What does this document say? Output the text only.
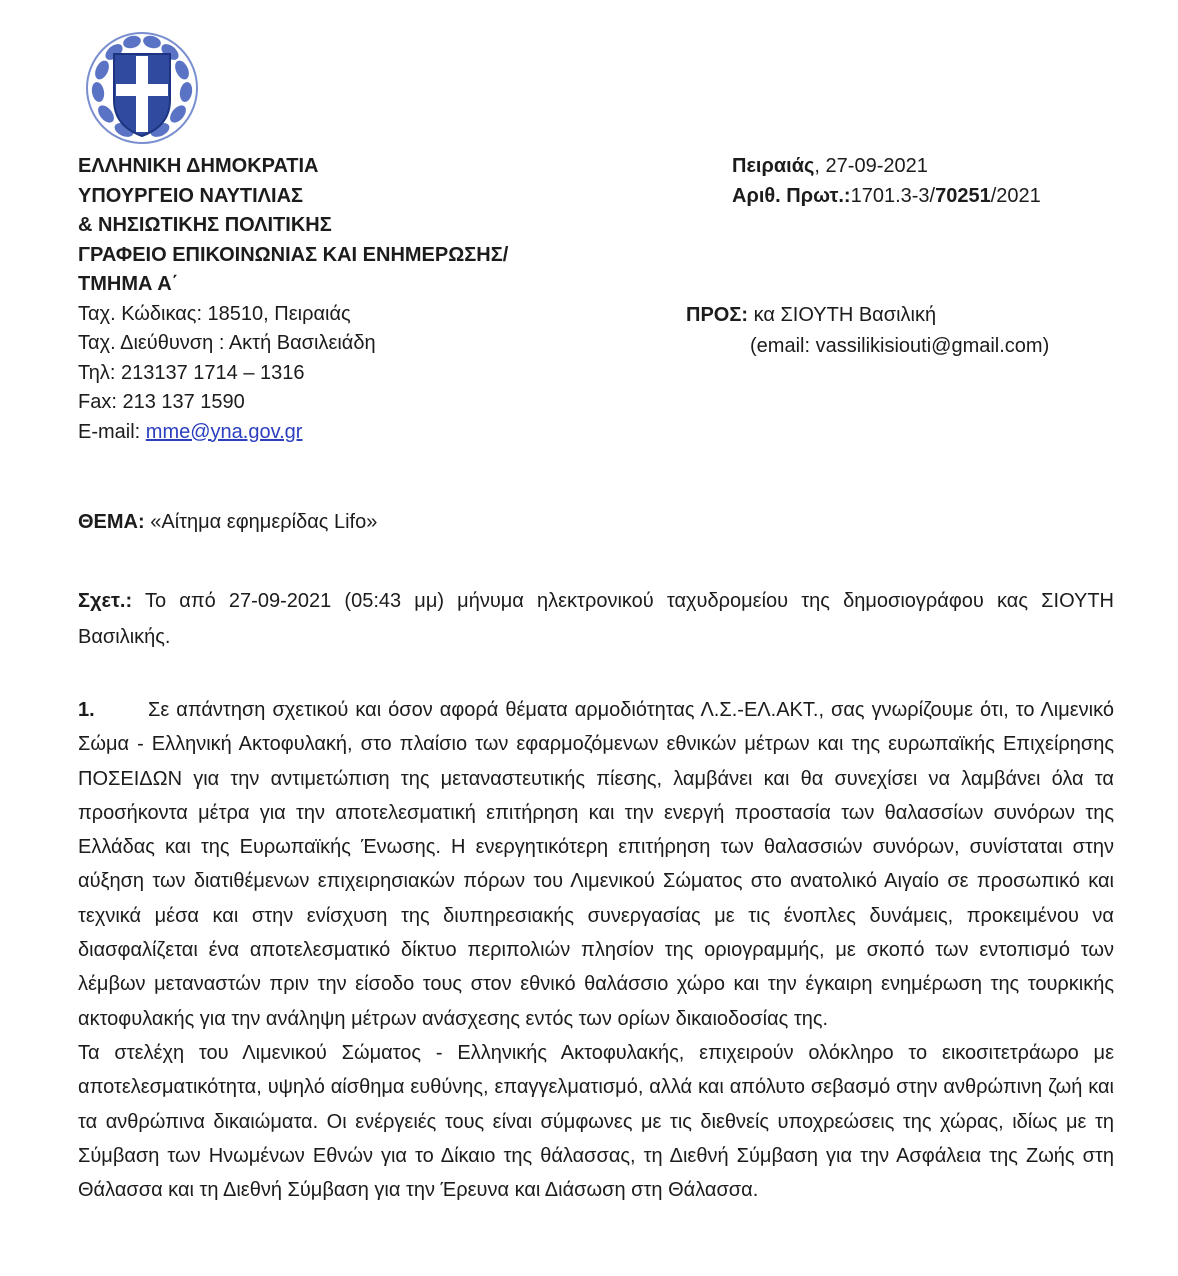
ΕΛΛΗΝΙΚΗ ΔΗΜΟΚΡΑΤΙΑ
ΥΠΟΥΡΓΕΙΟ ΝΑΥΤΙΛΙΑΣ
& ΝΗΣΙΩΤΙΚΗΣ ΠΟΛΙΤΙΚΗΣ
ΓΡΑΦΕΙΟ ΕΠΙΚΟΙΝΩΝΙΑΣ ΚΑΙ ΕΝΗΜΕΡΩΣΗΣ/
ΤΜΗΜΑ Α΄
Ταχ. Κώδικας: 18510, Πειραιάς
Ταχ. Διεύθυνση : Ακτή Βασιλειάδη
Τηλ: 213137 1714 – 1316
Fax: 213 137 1590
E-mail: mme@yna.gov.gr
Πειραιάς, 27-09-2021
Αριθ. Πρωτ.:1701.3-3/70251/2021
ΠΡΟΣ: κα ΣΙΟΥΤΗ Βασιλική
(email: vassilikisiouti@gmail.com)
ΘΕΜΑ: «Αίτημα εφημερίδας Lifo»
Σχετ.: Το από 27-09-2021 (05:43 μμ) μήνυμα ηλεκτρονικού ταχυδρομείου της δημοσιογράφου κας ΣΙΟΥΤΗ Βασιλικής.

1.	Σε απάντηση σχετικού και όσον αφορά θέματα αρμοδιότητας Λ.Σ.-ΕΛ.ΑΚΤ., σας γνωρίζουμε ότι, το Λιμενικό Σώμα - Ελληνική Ακτοφυλακή, στο πλαίσιο των εφαρμοζόμενων εθνικών μέτρων και της ευρωπαϊκής Επιχείρησης ΠΟΣΕΙΔΩΝ για την αντιμετώπιση της μεταναστευτικής πίεσης, λαμβάνει και θα συνεχίσει να λαμβάνει όλα τα προσήκοντα μέτρα για την αποτελεσματική επιτήρηση και την ενεργή προστασία των θαλασσίων συνόρων της Ελλάδας και της Ευρωπαϊκής Ένωσης. Η ενεργητικότερη επιτήρηση των θαλασσιών συνόρων, συνίσταται στην αύξηση των διατιθέμενων επιχειρησιακών πόρων του Λιμενικού Σώματος στο ανατολικό Αιγαίο σε προσωπικό και τεχνικά μέσα και στην ενίσχυση της διυπηρεσιακής συνεργασίας με τις ένοπλες δυνάμεις, προκειμένου να διασφαλίζεται ένα αποτελεσματικό δίκτυο περιπολιών πλησίον της οριογραμμής, με σκοπό των εντοπισμό των λέμβων μεταναστών πριν την είσοδο τους στον εθνικό θαλάσσιο χώρο και την έγκαιρη ενημέρωση της τουρκικής ακτοφυλακής για την ανάληψη μέτρων ανάσχεσης εντός των ορίων δικαιοδοσίας της.

Τα στελέχη του Λιμενικού Σώματος - Ελληνικής Ακτοφυλακής, επιχειρούν ολόκληρο το εικοσιτετράωρο με αποτελεσματικότητα, υψηλό αίσθημα ευθύνης, επαγγελματισμό, αλλά και απόλυτο σεβασμό στην ανθρώπινη ζωή και τα ανθρώπινα δικαιώματα. Οι ενέργειές τους είναι σύμφωνες με τις διεθνείς υποχρεώσεις της χώρας, ιδίως με τη Σύμβαση των Ηνωμένων Εθνών για το Δίκαιο της θάλασσας, τη Διεθνή Σύμβαση για την Ασφάλεια της Ζωής στη Θάλασσα και τη Διεθνή Σύμβαση για την Έρευνα και Διάσωση στη Θάλασσα.
